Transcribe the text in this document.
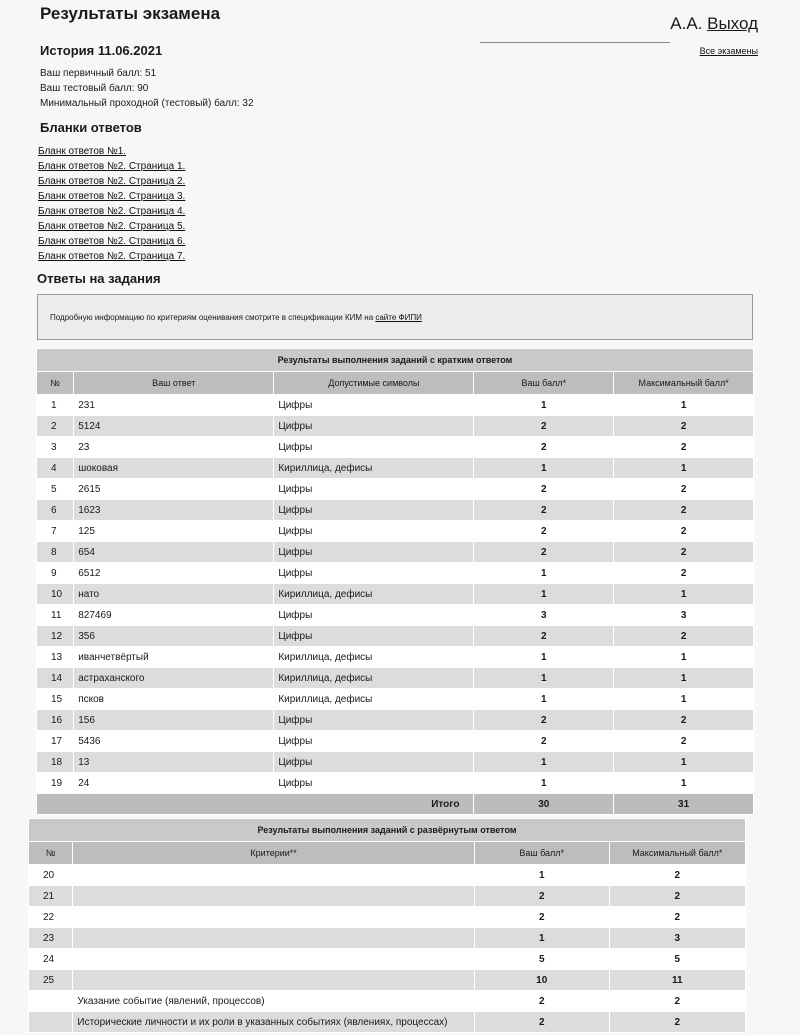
Результаты экзамена
А.А. Выход
Все экзамены
История 11.06.2021
Ваш первичный балл: 51
Ваш тестовый балл: 90
Минимальный проходной (тестовый) балл: 32
Бланки ответов
Бланк ответов №1.
Бланк ответов №2. Страница 1.
Бланк ответов №2. Страница 2.
Бланк ответов №2. Страница 3.
Бланк ответов №2. Страница 4.
Бланк ответов №2. Страница 5.
Бланк ответов №2. Страница 6.
Бланк ответов №2. Страница 7.
Ответы на задания
Подробную информацию по критериям оценивания смотрите в спецификации КИМ на сайте ФИПИ
Результаты выполнения заданий с кратким ответом				
№	Ваш ответ	Допустимые символы	Ваш балл*	Максимальный балл*
1	231	Цифры	1	1
2	5124	Цифры	2	2
3	23	Цифры	2	2
4	шоковая	Кириллица, дефисы	1	1
5	2615	Цифры	2	2
6	1623	Цифры	2	2
7	125	Цифры	2	2
8	654	Цифры	2	2
9	6512	Цифры	1	2
10	нато	Кириллица, дефисы	1	1
11	827469	Цифры	3	3
12	356	Цифры	2	2
13	иванчетвёртый	Кириллица, дефисы	1	1
14	астраханского	Кириллица, дефисы	1	1
15	псков	Кириллица, дефисы	1	1
16	156	Цифры	2	2
17	5436	Цифры	2	2
18	13	Цифры	1	1
19	24	Цифры	1	1
Итого			30	31
Результаты выполнения заданий с развёрнутым ответом			
№	Критерии**	Ваш балл*	Максимальный балл*
20		1	2
21		2	2
22		2	2
23		1	3
24		5	5
25		10	11
	Указание событие (явлений, процессов)	2	2
	Исторические личности и их роли в указанных событиях (явлениях, процессах)	2	2
